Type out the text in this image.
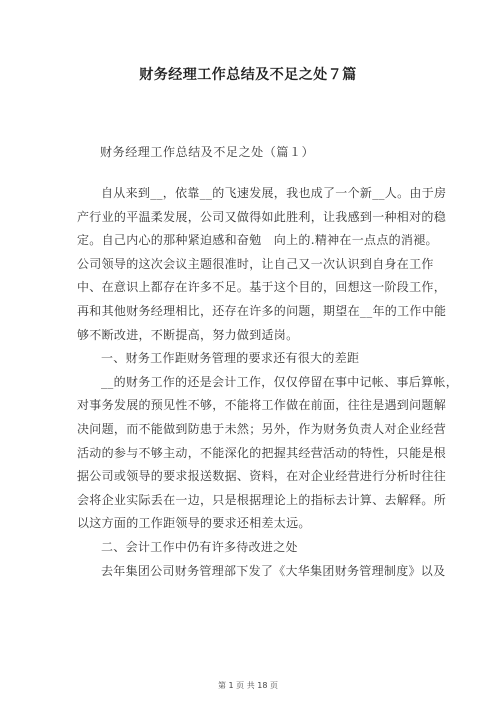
财务经理工作总结及不足之处７篇
财务经理工作总结及不足之处（篇１）
自从来到__，依靠__的飞速发展，我也成了一个新__人。由于房
产行业的平温柔发展，公司又做得如此胜利，让我感到一种相对的稳
定。自己内心的那种紧迫感和奋勉　向上的.精神在一点点的消褪。
公司领导的这次会议主题很准时，让自己又一次认识到自身在工作
中、在意识上都存在许多不足。基于这个目的，回想这一阶段工作，
再和其他财务经理相比，还存在许多的问题，期望在__年的工作中能
够不断改进，不断提高，努力做到适岗。
一、财务工作距财务管理的要求还有很大的差距
__的财务工作的还是会计工作，仅仅停留在事中记帐、事后算帐，
对事务发展的预见性不够，不能将工作做在前面，往往是遇到问题解
决问题，而不能做到防患于未然；另外，作为财务负责人对企业经营
活动的参与不够主动，不能深化的把握其经营活动的特性，只能是根
据公司或领导的要求报送数据、资料，在对企业经营进行分析时往往
会将企业实际丢在一边，只是根据理论上的指标去计算、去解释。所
以这方面的工作距领导的要求还相差太远。
二、会计工作中仍有许多待改进之处
去年集团公司财务管理部下发了《大华集团财务管理制度》以及
第 1 页 共 18 页
